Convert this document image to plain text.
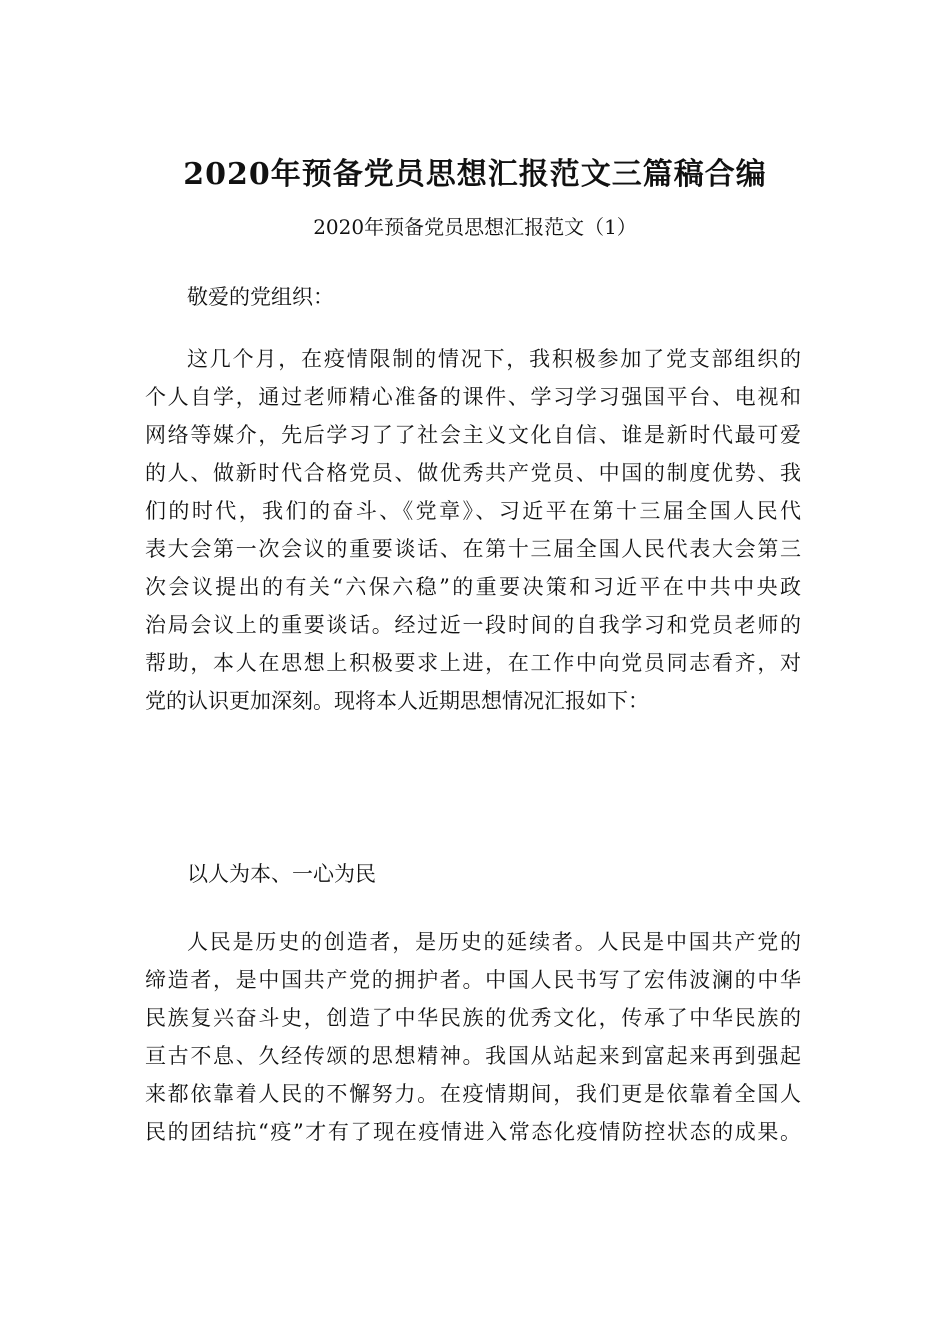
2020年预备党员思想汇报范文三篇稿合编
2020年预备党员思想汇报范文（1）
敬爱的党组织：
这几个月，在疫情限制的情况下，我积极参加了党支部组织的
个人自学，通过老师精心准备的课件、学习学习强国平台、电视和
网络等媒介，先后学习了了社会主义文化自信、谁是新时代最可爱
的人、做新时代合格党员、做优秀共产党员、中国的制度优势、我
们的时代，我们的奋斗、《党章》、习近平在第十三届全国人民代
表大会第一次会议的重要谈话、在第十三届全国人民代表大会第三
次会议提出的有关“六保六稳”的重要决策和习近平在中共中央政
治局会议上的重要谈话。经过近一段时间的自我学习和党员老师的
帮助，本人在思想上积极要求上进，在工作中向党员同志看齐，对
党的认识更加深刻。现将本人近期思想情况汇报如下：
以人为本、一心为民
人民是历史的创造者，是历史的延续者。人民是中国共产党的
缔造者，是中国共产党的拥护者。中国人民书写了宏伟波澜的中华
民族复兴奋斗史，创造了中华民族的优秀文化，传承了中华民族的
亘古不息、久经传颂的思想精神。我国从站起来到富起来再到强起
来都依靠着人民的不懈努力。在疫情期间，我们更是依靠着全国人
民的团结抗“疫”才有了现在疫情进入常态化疫情防控状态的成果。
